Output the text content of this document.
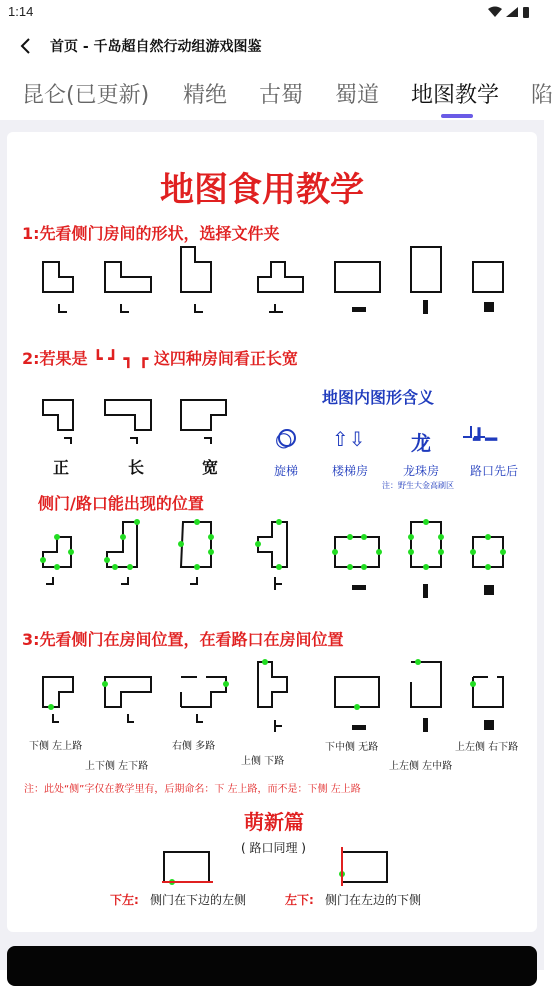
1:14
首页 - 千岛超自然行动组游戏图鉴
昆仑(已更新) 精绝 古蜀 蜀道 地图教学 陷
地图食用教学
1:先看侧门房间的形状，选择文件夹
2:若果是 ┗ ┛ ┓ ┏ 这四种房间看正长宽
正	长	宽
地图内图形含义
○ ⇧⇩ 龙 ┛━
旋梯	楼梯房	龙珠房	路口先后
注：野生大金高刷区
侧门/路口能出现的位置
3:先看侧门在房间位置，在看路口在房间位置
下侧 左上路
上下侧 左下路
右侧 多路
上侧 下路
下中侧 无路
上左侧 左中路
上左侧 右下路
注：此处“侧”字仅在教学里有，后期命名：下 左上路，而不是：下侧 左上路
萌新篇
( 路口同理 )
下左: 侧门在下边的左侧	左下: 侧门在左边的下侧
